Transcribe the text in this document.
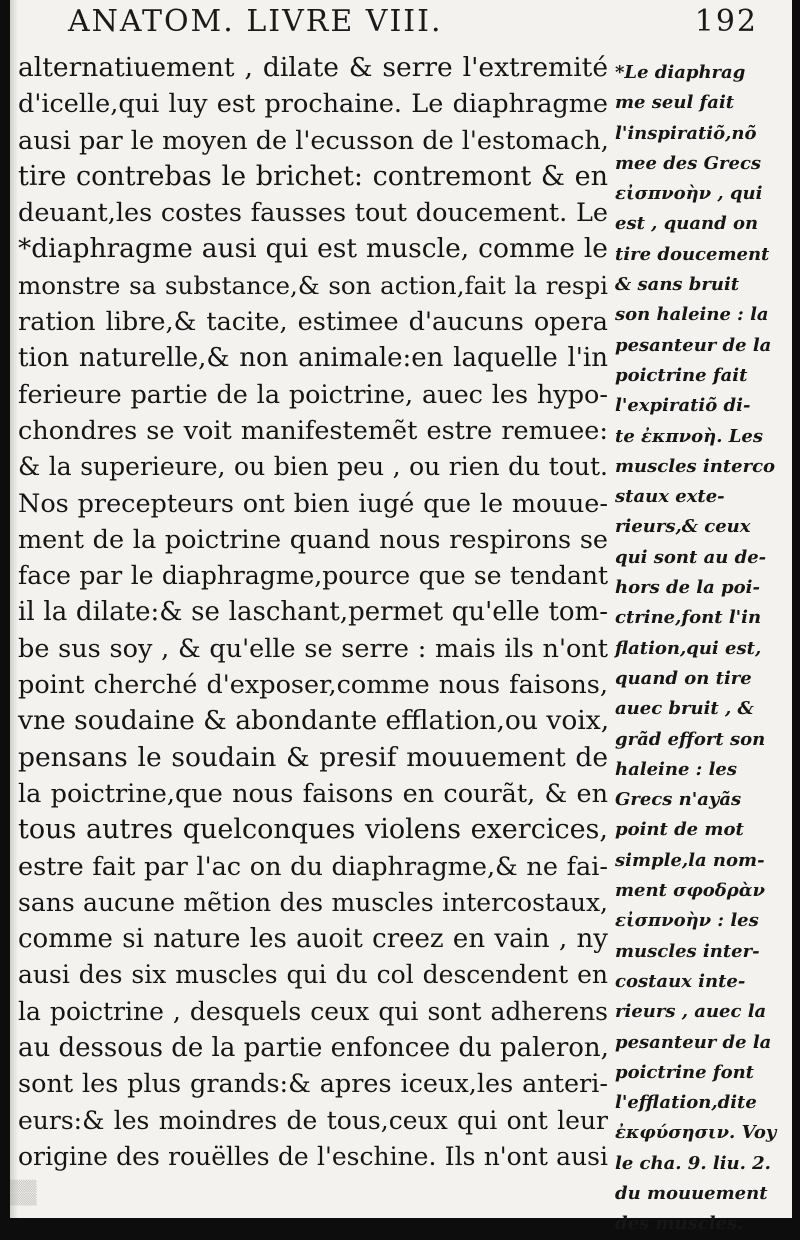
ANATOM. LIVRE VIII.	192
alternatiuement , dilate & serre l'extremité
d'icelle,qui luy est prochaine. Le diaphragme
ausi par le moyen de l'ecusson de l'estomach,
tire contrebas le brichet: contremont & en
deuant,les costes fausses tout doucement. Le
*diaphragme ausi qui est muscle, comme le
monstre sa substance,& son action,fait la respi
ration libre,& tacite, estimee d'aucuns opera
tion naturelle,& non animale:en laquelle l'in
ferieure partie de la poictrine, auec les hypo-
chondres se voit manifestemẽt estre remuee:
& la superieure, ou bien peu , ou rien du tout.
Nos precepteurs ont bien iugé que le mouue-
ment de la poictrine quand nous respirons se
face par le diaphragme,pource que se tendant
il la dilate:& se laschant,permet qu'elle tom-
be sus soy , & qu'elle se serre : mais ils n'ont
point cherché d'exposer,comme nous faisons,
vne soudaine & abondante efflation,ou voix,
pensans le soudain & presif mouuement de
la poictrine,que nous faisons en courãt, & en
tous autres quelconques violens exercices,
estre fait par l'ac on du diaphragme,& ne fai-
sans aucune mẽtion des muscles intercostaux,
comme si nature les auoit creez en vain , ny
ausi des six muscles qui du col descendent en
la poictrine , desquels ceux qui sont adherens
au dessous de la partie enfoncee du paleron,
sont les plus grands:& apres iceux,les anteri-
eurs:& les moindres de tous,ceux qui ont leur
origine des rouëlles de l'eschine. Ils n'ont ausi
*Le diaphrag
me seul fait
l'inspiratiõ,nõ
mee des Grecs
εἰσπνοὴν , qui
est , quand on
tire doucement
& sans bruit
son haleine : la
pesanteur de la
poictrine fait
l'expiratiõ di-
te ἐκπνοὴ. Les
muscles interco
staux exte-
rieurs,& ceux
qui sont au de-
hors de la poi-
ctrine,font l'in
flation,qui est,
quand on tire
auec bruit , &
grãd effort son
haleine : les
Grecs n'ayãs
point de mot
simple,la nom-
ment σφοδρὰν
εἰσπνοὴν : les
muscles inter-
costaux inte-
rieurs , auec la
pesanteur de la
poictrine font
l'efflation,dite
ἐκφύσησιν. Voy
le cha. 9. liu. 2.
du mouuement
des muscles.
▒▒▒▒
▒▒▒▒
